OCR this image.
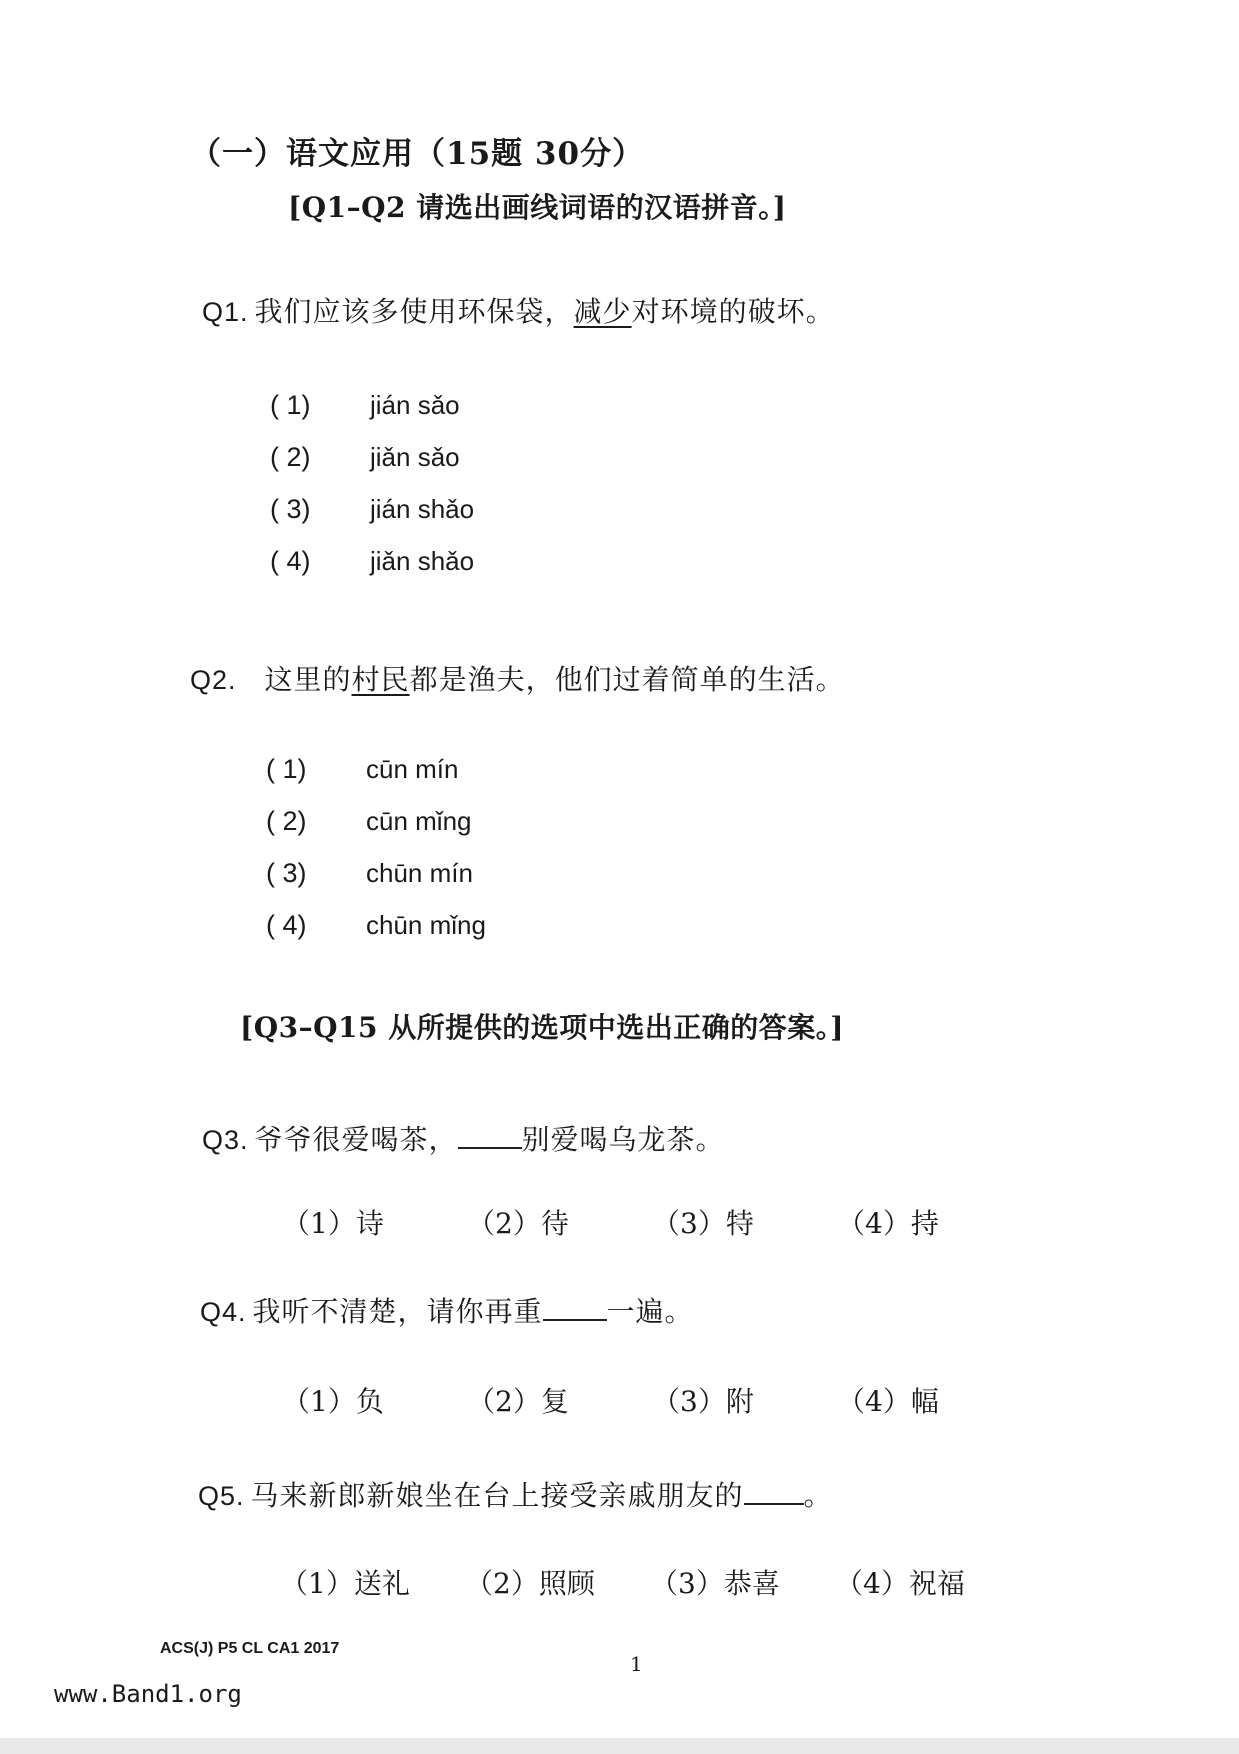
（一）语文应用（15题 30分）
[Q1–Q2 请选出画线词语的汉语拼音。]
Q1. 我们应该多使用环保袋，减少对环境的破坏。
( 1) jián sǎo
( 2) jiǎn sǎo
( 3) jián shǎo
( 4) jiǎn shǎo
Q2. 这里的村民都是渔夫，他们过着简单的生活。
( 1) cūn mín
( 2) cūn mǐng
( 3) chūn mín
( 4) chūn mǐng
[Q3–Q15 从所提供的选项中选出正确的答案。]
Q3. 爷爷很爱喝茶， 别爱喝乌龙茶。
（1）诗	（2）待	（3）特	（4）持
Q4. 我听不清楚，请你再重 一遍。
（1）负	（2）复	（3）附	（4）幅
Q5. 马来新郎新娘坐在台上接受亲戚朋友的 。
（1）送礼 （2）照顾 （3）恭喜 （4）祝福
ACS(J) P5 CL CA1 2017
1
www.Band1.org
